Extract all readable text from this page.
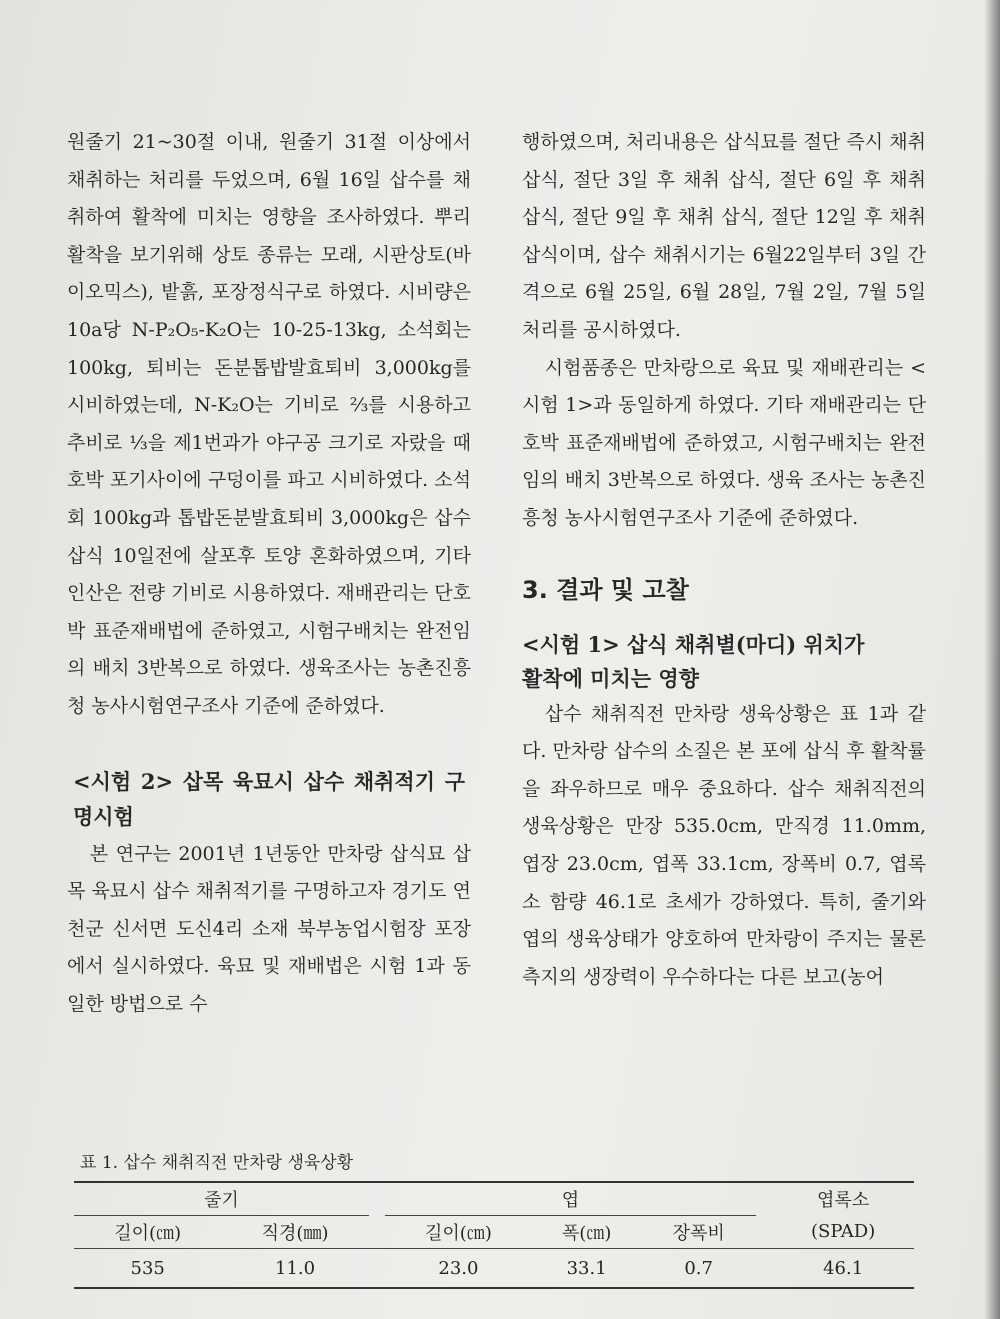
원줄기 21~30절 이내, 원줄기 31절 이상에서 채취하는 처리를 두었으며, 6월 16일 삽수를 채취하여 활착에 미치는 영향을 조사하였다. 뿌리 활착을 보기위해 상토 종류는 모래, 시판상토(바이오믹스), 밭흙, 포장정식구로 하였다. 시비량은 10a당 N-P₂O₅-K₂O는 10-25-13kg, 소석회는 100kg, 퇴비는 돈분톱밥발효퇴비 3,000kg를 시비하였는데, N-K₂O는 기비로 ⅔를 시용하고 추비로 ⅓을 제1번과가 야구공 크기로 자랐을 때 호박 포기사이에 구덩이를 파고 시비하였다. 소석회 100kg과 톱밥돈분발효퇴비 3,000kg은 삽수 삽식 10일전에 살포후 토양 혼화하였으며, 기타 인산은 전량 기비로 시용하였다. 재배관리는 단호박 표준재배법에 준하였고, 시험구배치는 완전임의 배치 3반복으로 하였다. 생육조사는 농촌진흥청 농사시험연구조사 기준에 준하였다.

<시험 2> 삽목 육묘시 삽수 채취적기 구명시험

본 연구는 2001년 1년동안 만차랑 삽식묘 삽목 육묘시 삽수 채취적기를 구명하고자 경기도 연천군 신서면 도신4리 소재 북부농업시험장 포장에서 실시하였다. 육묘 및 재배법은 시험 1과 동일한 방법으로 수

행하였으며, 처리내용은 삽식묘를 절단 즉시 채취 삽식, 절단 3일 후 채취 삽식, 절단 6일 후 채취 삽식, 절단 9일 후 채취 삽식, 절단 12일 후 채취 삽식이며, 삽수 채취시기는 6월22일부터 3일 간격으로 6월 25일, 6월 28일, 7월 2일, 7월 5일 처리를 공시하였다.

시험품종은 만차랑으로 육묘 및 재배관리는 <시험 1>과 동일하게 하였다. 기타 재배관리는 단호박 표준재배법에 준하였고, 시험구배치는 완전임의 배치 3반복으로 하였다. 생육 조사는 농촌진흥청 농사시험연구조사 기준에 준하였다.

3. 결과 및 고찰

<시험 1> 삽식 채취별(마디) 위치가

활착에 미치는 영향

삽수 채취직전 만차랑 생육상황은 표 1과 같다. 만차랑 삽수의 소질은 본 포에 삽식 후 활착률을 좌우하므로 매우 중요하다. 삽수 채취직전의 생육상황은 만장 535.0cm, 만직경 11.0mm, 엽장 23.0cm, 엽폭 33.1cm, 장폭비 0.7, 엽록소 함량 46.1로 초세가 강하였다. 특히, 줄기와 엽의 생육상태가 양호하여 만차랑이 주지는 물론 측지의 생장력이 우수하다는 다른 보고(농어

표 1. 삽수 채취직전 만차랑 생육상황
줄기			엽				엽록소
길이(㎝)	직경(㎜)		길이(㎝)	폭(㎝)	장폭비		(SPAD)
535	11.0		23.0	33.1	0.7		46.1
